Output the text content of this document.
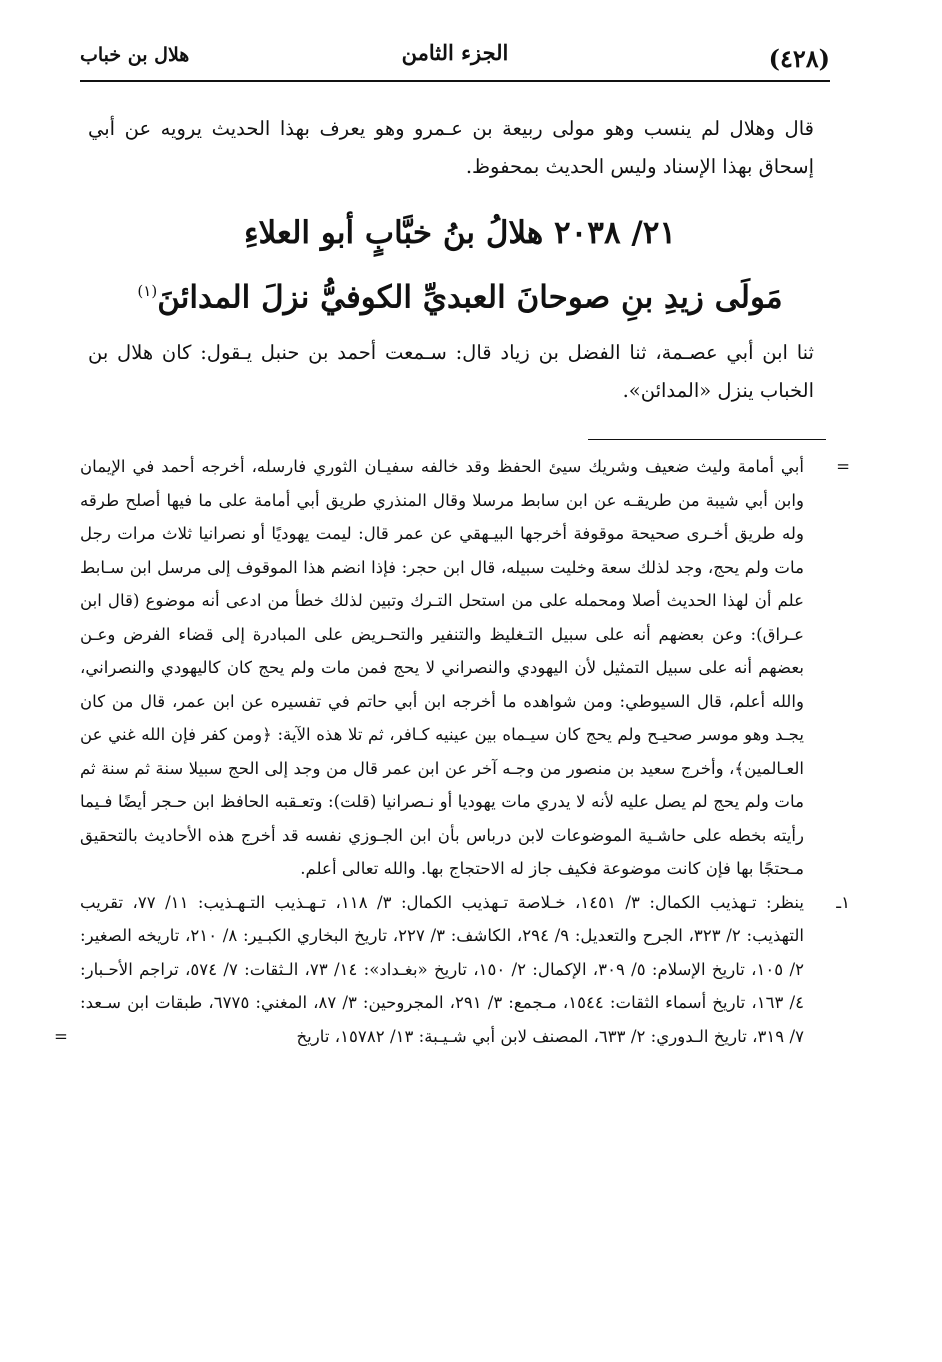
(٤٢٨)
الجزء الثامن
هلال بن خباب

قال وهلال لم ينسب وهو مولى ربيعة بن عـمرو وهو يعرف بهذا الحديث يرويه عن أبي إسحاق بهذا الإسناد وليس الحديث بمحفوظ.

٢١/ ٢٠٣٨ هلالُ بنُ خبَّابٍ أبو العلاءِ
مَولَى زيدِ بنِ صوحانَ العبديِّ الكوفيُّ نزلَ المدائنَ$^{(١)}$

ثنا ابن أبي عصـمة، ثنا الفضل بن زياد قال: سـمعت أحمد بن حنبل يـقول: كان هلال بن الخباب ينزل «المدائن».

=
أبي أمامة وليث ضعيف وشريك سيئ الحفظ وقد خالفه سفيـان الثوري فارسله، أخرجه أحمد في الإيمان وابن أبي شيبة من طريقـه عن ابن سابط مرسلا وقال المنذري طريق أبي أمامة على ما فيها أصلح طرقه وله طريق أخـرى صحيحة موقوفة أخرجها البيـهقي عن عمر قال: ليمت يهوديًا أو نصرانيا ثلاث مرات رجل مات ولم يحج، وجد لذلك سعة وخليت سبيله، قال ابن حجر: فإذا انضم هذا الموقوف إلى مرسل ابن سـابط علم أن لهذا الحديث أصلا ومحمله على من استحل التـرك وتبين لذلك خطأ من ادعى أنه موضوع (قال ابن عـراق): وعن بعضهم أنه على سبيل التـغليظ والتنفير والتحـريض على المبادرة إلى قضاء الفرض وعـن بعضهم أنه على سبيل التمثيل لأن اليهودي والنصراني لا يحج فمن مات ولم يحج كان كاليهودي والنصراني، والله أعلم، قال السيوطي: ومن شواهده ما أخرجه ابن أبي حاتم في تفسيره عن ابن عمر، قال من كان يجـد وهو موسر صحيـح ولم يحج كان سيـماه بين عينيه كـافر، ثم تلا هذه الآية: ﴿ومن كفر فإن الله غني عن العـالمين﴾، وأخرج سعيد بن منصور من وجـه آخر عن ابن عمر قال من وجد إلى الحج سبيلا سنة ثم سنة ثم مات ولم يحج لم يصل عليه لأنه لا يدري مات يهوديا أو نـصرانيا (قلت): وتعـقبه الحافظ ابن حـجر أيضًا فـيما رأيته بخطه على حاشـية الموضوعات لابن درباس بأن ابن الجـوزي نفسه قد أخرج هذه الأحاديث بالتحقيق مـحتجًا بها فإن كانت موضوعة فكيف جاز له الاحتجاج بها. والله تعالى أعلم.
١ـ
ينظر: تـهذيب الكمال: ٣/ ١٤٥١، خـلاصة تـهذيب الكمال: ٣/ ١١٨، تـهـذيب التـهـذيب: ١١/ ٧٧، تقريب التهذيب: ٢/ ٣٢٣، الجرح والتعديل: ٩/ ٢٩٤، الكاشف: ٣/ ٢٢٧، تاريخ البخاري الكبـير: ٨/ ٢١٠، تاريخه الصغير: ٢/ ١٠٥، تاريخ الإسلام: ٥/ ٣٠٩، الإكمال: ٢/ ١٥٠، تاريخ «بغـداد»: ١٤/ ٧٣، الـثقات: ٧/ ٥٧٤، تراجم الأحـبار: ٤/ ١٦٣، تاريخ أسماء الثقات: ١٥٤٤، مـجمع: ٣/ ٢٩١، المجروحين: ٣/ ٨٧، المغني: ٦٧٧٥، طبقات ابن سـعد: ٧/ ٣١٩، تاريخ الـدوري: ٢/ ٦٣٣، المصنف لابن أبي شـيـبة: ١٣/ ١٥٧٨٢، تاريخ
=
